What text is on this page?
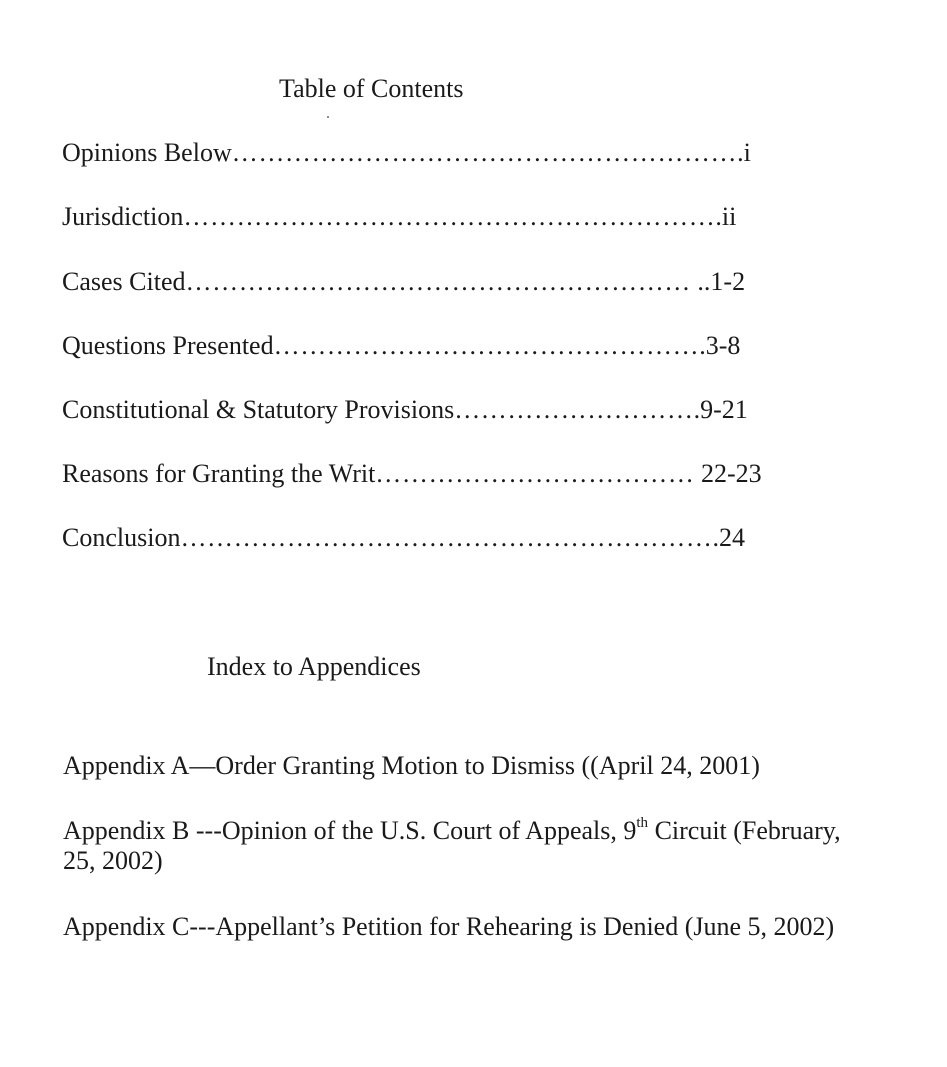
Table of Contents
Opinions Below………………………………………………….i
Jurisdiction…………………………………………………….ii
Cases Cited………………………………………………… ..1-2
Questions Presented………………………………………….3-8
Constitutional & Statutory Provisions……………………….9-21
Reasons for Granting the Writ……………………………… 22-23
Conclusion…………………………………………………….24
Index to Appendices
Appendix A—Order Granting Motion to Dismiss ((April 24, 2001)
Appendix B ---Opinion of the U.S. Court of Appeals, 9th Circuit (February,
25, 2002)
Appendix C---Appellant’s Petition for Rehearing is Denied (June 5, 2002)
